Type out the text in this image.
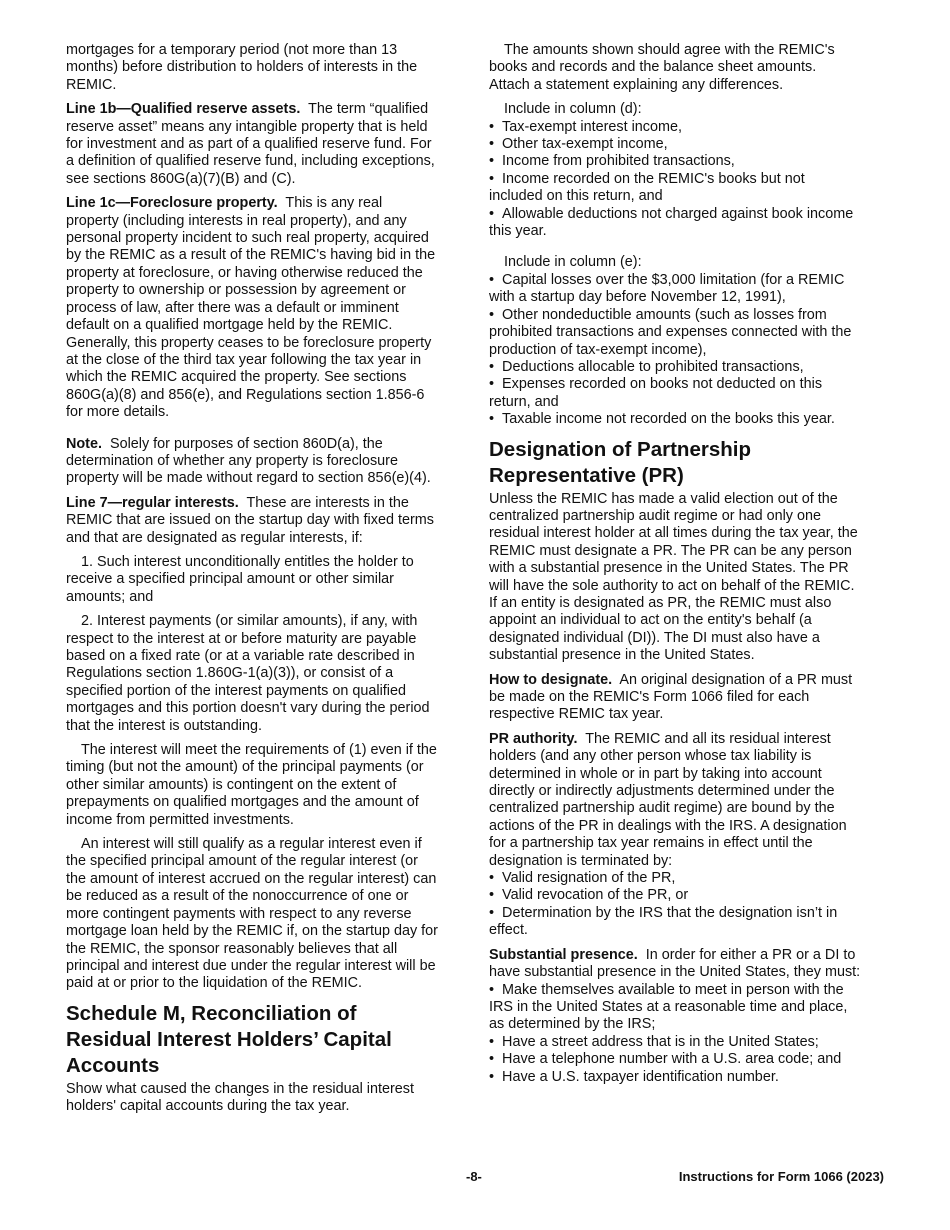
mortgages for a temporary period (not more than 13
months) before distribution to holders of interests in the
REMIC.
Line 1b—Qualified reserve assets. The term “qualified
reserve asset” means any intangible property that is held
for investment and as part of a qualified reserve fund. For
a definition of qualified reserve fund, including exceptions,
see sections 860G(a)(7)(B) and (C).
Line 1c—Foreclosure property. This is any real
property (including interests in real property), and any
personal property incident to such real property, acquired
by the REMIC as a result of the REMIC's having bid in the
property at foreclosure, or having otherwise reduced the
property to ownership or possession by agreement or
process of law, after there was a default or imminent
default on a qualified mortgage held by the REMIC.
Generally, this property ceases to be foreclosure property
at the close of the third tax year following the tax year in
which the REMIC acquired the property. See sections
860G(a)(8) and 856(e), and Regulations section 1.856-6
for more details.
Note. Solely for purposes of section 860D(a), the
determination of whether any property is foreclosure
property will be made without regard to section 856(e)(4).
Line 7—regular interests. These are interests in the
REMIC that are issued on the startup day with fixed terms
and that are designated as regular interests, if:
1. Such interest unconditionally entitles the holder to
receive a specified principal amount or other similar
amounts; and
2. Interest payments (or similar amounts), if any, with
respect to the interest at or before maturity are payable
based on a fixed rate (or at a variable rate described in
Regulations section 1.860G-1(a)(3)), or consist of a
specified portion of the interest payments on qualified
mortgages and this portion doesn't vary during the period
that the interest is outstanding.
The interest will meet the requirements of (1) even if the
timing (but not the amount) of the principal payments (or
other similar amounts) is contingent on the extent of
prepayments on qualified mortgages and the amount of
income from permitted investments.
An interest will still qualify as a regular interest even if
the specified principal amount of the regular interest (or
the amount of interest accrued on the regular interest) can
be reduced as a result of the nonoccurrence of one or
more contingent payments with respect to any reverse
mortgage loan held by the REMIC if, on the startup day for
the REMIC, the sponsor reasonably believes that all
principal and interest due under the regular interest will be
paid at or prior to the liquidation of the REMIC.
Schedule M, Reconciliation of
Residual Interest Holders’ Capital
Accounts
Show what caused the changes in the residual interest
holders' capital accounts during the tax year.
The amounts shown should agree with the REMIC's
books and records and the balance sheet amounts.
Attach a statement explaining any differences.
Include in column (d):
•  Tax-exempt interest income,
•  Other tax-exempt income,
•  Income from prohibited transactions,
•  Income recorded on the REMIC's books but not
included on this return, and
•  Allowable deductions not charged against book income
this year.
Include in column (e):
•  Capital losses over the $3,000 limitation (for a REMIC
with a startup day before November 12, 1991),
•  Other nondeductible amounts (such as losses from
prohibited transactions and expenses connected with the
production of tax-exempt income),
•  Deductions allocable to prohibited transactions,
•  Expenses recorded on books not deducted on this
return, and
•  Taxable income not recorded on the books this year.
Designation of Partnership
Representative (PR)
Unless the REMIC has made a valid election out of the
centralized partnership audit regime or had only one
residual interest holder at all times during the tax year, the
REMIC must designate a PR. The PR can be any person
with a substantial presence in the United States. The PR
will have the sole authority to act on behalf of the REMIC.
If an entity is designated as PR, the REMIC must also
appoint an individual to act on the entity's behalf (a
designated individual (DI)). The DI must also have a
substantial presence in the United States.
How to designate. An original designation of a PR must
be made on the REMIC's Form 1066 filed for each
respective REMIC tax year.
PR authority. The REMIC and all its residual interest
holders (and any other person whose tax liability is
determined in whole or in part by taking into account
directly or indirectly adjustments determined under the
centralized partnership audit regime) are bound by the
actions of the PR in dealings with the IRS. A designation
for a partnership tax year remains in effect until the
designation is terminated by:
•  Valid resignation of the PR,
•  Valid revocation of the PR, or
•  Determination by the IRS that the designation isn’t in
effect.
Substantial presence. In order for either a PR or a DI to
have substantial presence in the United States, they must:
•  Make themselves available to meet in person with the
IRS in the United States at a reasonable time and place,
as determined by the IRS;
•  Have a street address that is in the United States;
•  Have a telephone number with a U.S. area code; and
•  Have a U.S. taxpayer identification number.
-8-	Instructions for Form 1066 (2023)
